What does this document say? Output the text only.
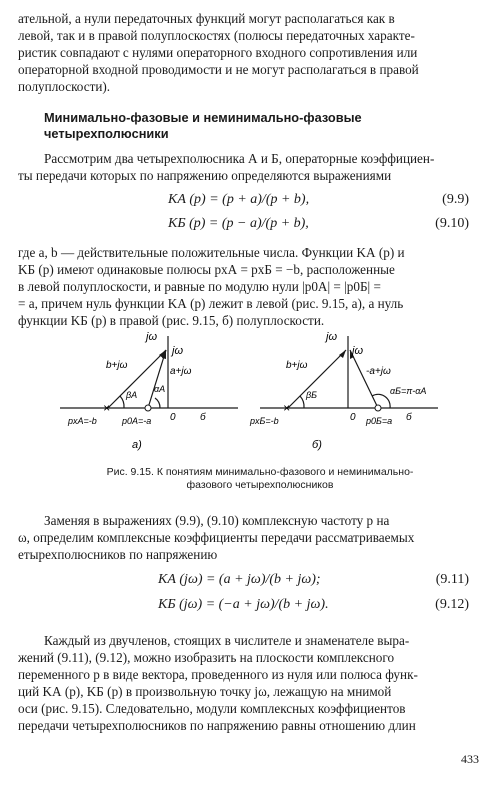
ательной, а нули передаточных функций могут располагаться как в
левой, так и в правой полуплоскостях (полюсы передаточных характе-
ристик совпадают с нулями операторного входного сопротивления или
операторной входной проводимости и не могут располагаться в правой
полуплоскости).
Минимально-фазовые и неминимально-фазовые
четырехполюсники
Рассмотрим два четырехполюсника А и Б, операторные коэффициен-
ты передачи которых по напряжению определяются выражениями
KА (p) = (p + a)/(p + b),	(9.9)
KБ (p) = (p − a)/(p + b),	(9.10)
где a, b — действительные положительные числа. Функции KА (p) и
KБ (p) имеют одинаковые полюсы pхА = pхБ = −b, расположенные
в левой полуплоскости, и равные по модулю нули |p0А| = |p0Б| =
= a, причем нуль функции KА (p) лежит в левой (рис. 9.15, а), а нуль
функции KБ (p) в правой (рис. 9.15, б) полуплоскости.
×	×
jω
jω
b+jω
a+jω
βА
αА
0 б
pxА=-b	p0А=-a
а)
jω
jω
b+jω
-a+jω
βБ	αБ=π-αА
0	б
pxБ=-b	p0Б=a
б)
Рис. 9.15. К понятиям минимально-фазового и неминимально-
фазового четырехполюсников
Заменяя в выражениях (9.9), (9.10) комплексную частоту p на
ω, определим комплексные коэффициенты передачи рассматриваемых
етырехполюсников по напряжению
KА (jω) = (a + jω)/(b + jω);	(9.11)
KБ (jω) = (−a + jω)/(b + jω).	(9.12)
Каждый из двучленов, стоящих в числителе и знаменателе выра-
жений (9.11), (9.12), можно изобразить на плоскости комплексного
переменного p в виде вектора, проведенного из нуля или полюса функ-
ций KА (p), KБ (p) в произвольную точку jω, лежащую на мнимой
оси (рис. 9.15). Следовательно, модули комплексных коэффициентов
передачи четырехполюсников по напряжению равны отношению длин
433
